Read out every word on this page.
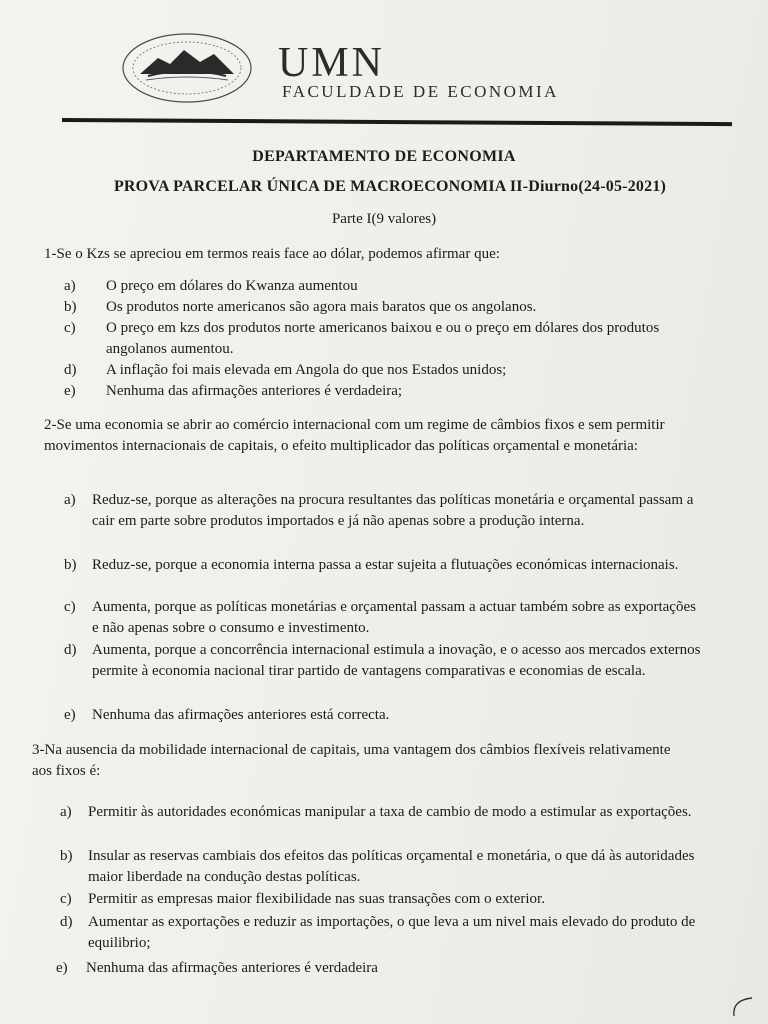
UMN
FACULDADE DE ECONOMIA
DEPARTAMENTO DE ECONOMIA
PROVA PARCELAR ÚNICA DE MACROECONOMIA II-Diurno(24-05-2021)
Parte I(9 valores)
1-Se o Kzs se apreciou em termos reais face ao dólar, podemos afirmar que:
a)	O preço em dólares do Kwanza aumentou
b)	Os produtos norte americanos são agora mais baratos que os angolanos.
c)	O preço em kzs dos produtos norte americanos baixou e ou o preço em dólares dos produtos angolanos aumentou.
d)	A inflação foi mais elevada em Angola do que nos Estados unidos;
e)	Nenhuma das afirmações anteriores é verdadeira;
2-Se uma economia se abrir ao comércio internacional com um regime de câmbios fixos e sem permitir movimentos internacionais de capitais, o efeito multiplicador das políticas orçamental e monetária:
a)	Reduz-se, porque as alterações na procura resultantes das políticas monetária e orçamental passam a cair em parte sobre produtos importados e já não apenas sobre a produção interna.
b)	Reduz-se, porque a economia interna passa a estar sujeita a flutuações económicas internacionais.
c)	Aumenta, porque as políticas monetárias e orçamental passam a actuar também sobre as exportações e não apenas sobre o consumo e investimento.
d)	Aumenta, porque a concorrência internacional estimula a inovação, e o acesso aos mercados externos permite à economia nacional tirar partido de vantagens comparativas e economias de escala.
e)	Nenhuma das afirmações anteriores está correcta.
3-Na ausencia da mobilidade internacional de capitais, uma vantagem dos câmbios flexíveis relativamente aos fixos é:
a)	Permitir às autoridades económicas manipular a taxa de cambio de modo a estimular as exportações.
b)	Insular as reservas cambiais dos efeitos das políticas orçamental e monetária, o que dá às autoridades maior liberdade na condução destas políticas.
c)	Permitir as empresas maior flexibilidade nas suas transações com o exterior.
d)	Aumentar as exportações e reduzir as importações, o que leva a um nivel mais elevado do produto de equilibrio;
e)	Nenhuma das afirmações anteriores é verdadeira
